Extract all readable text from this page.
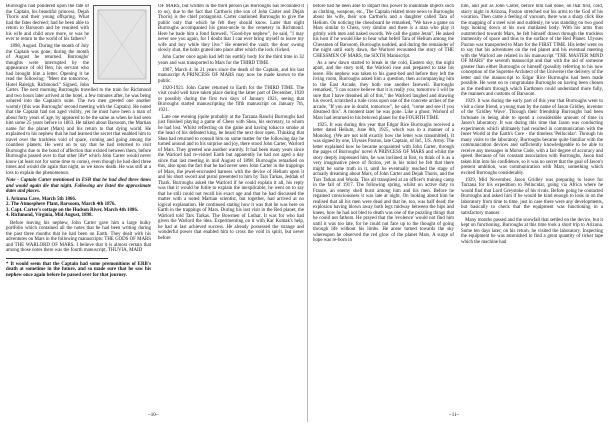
Burroughs had pondered upon the fate of the Captain, his beautiful princess, Dejah Thoris and their young offspring. What had the fates decreed; had he been able to return to Barsoom and be reunited with his wife and child once more, or was he ever to return to the world of his fathers?

1898, August. During the month of July the Captain was gone; during the month of August he returned. Burroughs' thoughts were interrupted by the appearance of old Ben, his servant who had brought him a letter. Opening it he read the following: "Meet me tomorrow, Hotel Raleigh, Richmond." Signed, John Carter. The next morning Burroughs travelled to the train for Richmond and two hours later arrived at the hotel, a few minutes after, he was being ushered into the Captain's suite. The two men greeted one another warmly (this was Burroughs' second meeting with the Captain). He noted that the Captain had not aged visibly, yet he must have been a man of about forty years of age, by appeared to be the same as when he had seen him some 25 years before in 1863. He talked about Barsoom, the Martian name for the planet (Mars) and his return to that dying world. He explained to his nephew that he had learned the secret that enabled him to travel over the trackless void of space, coming and going among the countless planets. He went on to say that he had returned to visit Burroughs due to the bond of affection that existed between them, before Burroughs passed over to that other life* which John Carter would never know (at least not for some time to come), even though he had died three times and would die again that night, as we know death. He was still at a loss to explain the phenomenon.

Note - Captain Carter mentioned in ESB that he had died three times and would again die that night. Following are listed the approximate dates and places.

1. Arizona Cave, March 5th 1866.
2. The Atmosphere Plant, Barsoom, March 4th 1876.
3. Capt. Carter's cottage on the Hudson River, March 4th 1886.
4. Richmond, Virginia, Mid August, 1898.

Before leaving his nephew, John Carter gave him a large bulky portfolio which contained all the notes that he had been writing during the past three months that he had been on Earth. They dealt with his adventures on Mars in the following manuscripts: THE GODS OF MARS and THE WARLORD OF MARS. I believe that it is almost certain that among those notes there was the fourth manuscript, THUVIA, MAID

* It would seem that the Captain had some premonitions of ERB's death at sometime in the future, and so made sure that he saw his nephew once again before he passed over for that journey.

OF MARS, but written in the third person (as Burroughs has recounted it to us), due to the fact that Carthoris (the son of John Carter and Dejah Thoris) is the chief protagonist. Carter cautioned Burroughs to give the public only that which he felt they should know. Later that night Burroughs accompanied his great-uncle to the cemetery in Richmond. Here he bade him a fond farewell, "Good-bye nephew", he said, "I may never see you again, for I doubt that I can ever bring myself to leave my wife and boy while they live." He entered the vault, the door swung slowly shut, the bolts grated into place after which the lock clicked.

John Carter once again had left his earthly body for the third time in 32 years and was transported to Mars for the THIRD TIME.

1907, March 4. In 21 years since the death of the Captain, and his last manuscript A PRINCESS OF MARS may now be made known to the public.

1920-1921. John Carter returned to Earth for the THIRD TIME. The visit could well have taken place during the latter part of December, 1920 or possibly during the first two days of January 1921, seeing that Burroughs started manuscripting the fifth manuscript on January 7th, 1921.

Late one evening (quite probably at the Tarzana Ranch) Burroughs had just finished playing a game of Chess with Shea, his secretary, to whom he had lost. Whilst reflecting on the game and having tobacco smoke at the head of his defeated king, he heard the next door open. Thinking that Shea had returned to consult him on some matter for the following day he turned around and to his surprise and joy, there stood John Carter, Warlord of Mars. They greeted one another warmly. It had been many years since the Warlord had re-visited Earth but apparently he had not aged a day since that last meeting in mid August of 1898. Burroughs remarked on this, also upon the fact that he had never seen John Carter in the trappings of Mars, the jewel-encrusted harness with the device of Helium upon it and his short sword and pistol presented to him by Tars Tarkas, Jeddak of Thark. Burroughs asked the Warlord if he could explain it all, his reply was that it would be futile to explain the inexplicable, he went on to say that he still could not recall his exact age and that he had discussed the matter with a noted Martian scientist, but together, had arrived at no logical explanation. He continued stating how it was that he was here on Earth in the trappings of Mars. During his last visit in the Red planet, the Warlord told Tars Tarkas. The Bowmen of Lothar. It was for who had given the Warlord the idea. Experimenting on it with Kar Komak's help, he had at last achieved success. He already possessed the strange and wonderful power that enabled him to cross the void in spirit, but never before

~10~

before had he been able to impart this power to inanimate objects such as clothing, weapons, etc., The Captain related more news to Burroughs about his wife, their son Carthoris and a daughter called Tara of Helium. On noticing the chessboard he remarked, "We have a game on Mars similar to Chess, very similar and there is a man who play it grimly with men and naked swords. We call the game Jetan". He asked his host if he would like to hear what befell Tara of Helium among the Chessmen of Barsoom, Burroughs nodded, and during the remainder of the night until early dawn, the Warlord recounted the story of THE CHESSMEN OF MARS, the SIXTH Manuscript.

As a new dawn started to break in the cold, Eastern sky, the night apart, and the story told, the Warlord rose and prepared to take his leave. His nephew was taken to his guest-bed and before they left the living room, Burroughs asked him a question, then accompanying him to the East Arcade, they both one another farewell. Burroughs remarked, "I can scarce believe that it is really you, tomorrow I will be sure that I have dreamed all of this," the Warlord laughed and drawing his sword, scratched a rude cross upon one of the concrete arches of the arcade, "If you are in doubt, tomorrow", he said, "come and see if you dreamed this". A moment later he was gone. Like a ghost, Warlord of Mars had returned to his beloved planet for the FOURTH TIME.

1925. It was during this year that Edgar Rice Burroughs received a letter dated Helium, June 8th, 1925, which was in a manner of a Monolog. (We are not told exactly how the letter was transmitted). It was signed by one, Ulysses Paxton, late Captain, of Inf., US. Army. The letter explained how he became acquainted with John Carter, through the pages of Burroughs' novel A PRINCESS OF MARS and whilst the story deeply impressed him, he was inclined at first, to think of it as a very imaginative piece of fiction, yet in his mind he felt that there might be some truth in it, until he eventually reached the stage of actually dreaming about Mars, of John Carter and Dejah Thoris, and the Tars Tarkas and Woola. This all transpired at an officer's training camp in the fall of 1917. The following spring, whilst on active duty in France, an enemy shell burst among him and his men. Before he regained consciousness it was late at night. On looking about him he realised that all his men were dead and that he, too, was half dead; the explosion having blown away both legs midway between the hips and knees, how he had not bled to death was one of the puzzling things that he could not fathom. He prayed that the 'evolence' would not find him until it was too late, for he could not face up to the thought of going through life without his limbs. He arose turned towards the sky whereupon he observed the red glow of the planet Mars. A surge of hope was re-born in

him, and just as John Carter, before him had done, on that first, cold, starry night in Arizona, Paxton stretched out his arms to the God of his vocation. Then came a feeling of vacuum, there was a sharp click like the snapping of a steel wire and suddenly, he was standing on two good legs looking down at his own mutilated body. With his arms thus outstretched towards Mars, he felt himself drawn through the trackless immensity of space and thus to the surface of the Red Planet. Ulysses Paxton was transported to Mars for the FIRST TIME. His letter went on to say that his adventures on the red planet and his eventual meeting with the Warlord are related in his manuscript "THE MASTER MIND OF MARS" the seventh manuscript and that with the aid of someone greater than either Burroughs or himself (possibly referring to his now conception of the Supreme Architect of the Universe) the delivery of the letter and the manuscript to Edgar Rice Burroughs had been made possible. He went on to congratulate Burroughs on having been chosen as the medium through which Earthmen could understand more fully, the manners and customs of Barsoom.

1929. It was during the early part of this year that Burroughs went to visit a close friend, a young man by the name of Jason Gridley, inventor of the 'Gridley Wave'. Through their friendship Burroughs had been fortunate in being able to spend a considerable amount of time in Jason's laboratory. It was during this time that Jason was conducting experiments which ultimately had resulted in communication with the Inner World at the Earth's Core - the timeless 'Pellucidar'. Through his many visits to the laboratory, Burroughs became quite familiar with the communication devices and sufficiently knowledgeable to be able to receive any messages in Morse Code, with a fair degree of accuracy and speed. Because of his constant association with Burroughs, Jason had taken him into his confidence, so it was no secret that the goal of Jason's present ambition, was communication with Mars, something which excited Burroughs considerably.

1929, Mid November. Jason Gridley was preparing to leave for Tarzana for his expedition to Pellucidar, going via Africa where he would find that Lord Greystoke of his rivals. Before going he contacted Burroughs and asked him if he would be kind enough to look in on the laboratory from time to time, just in case there were any developments, but basically to check that the equipment was functioning in a satisfactory manner.

Many months passed and the snowfall that settled on the device, but it kept on functioning. Burroughs at this time took a short trip to Arizona. Some ten days later, on his return, he visited the laboratory. Inspecting the equipment he was astonished to find a great quantity of ticker tape which the machine had

~11~
